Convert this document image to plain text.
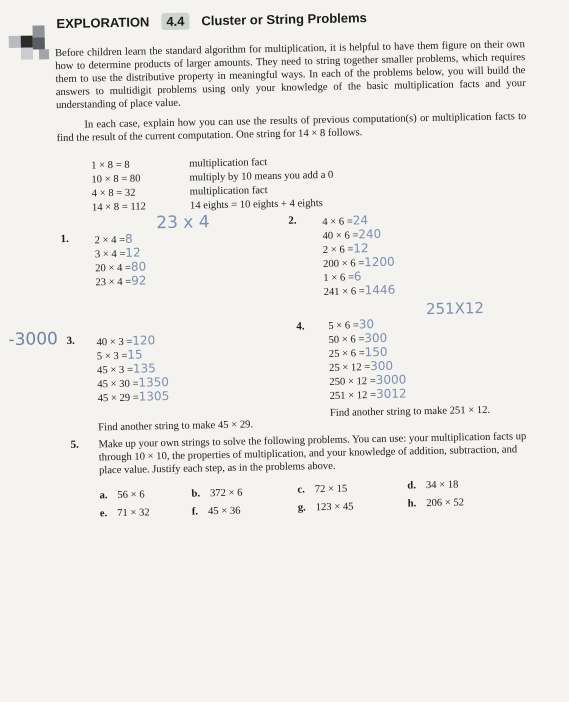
EXPLORATION	4.4	Cluster or String Problems
Before children learn the standard algorithm for multiplication, it is helpful to have them figure on their own how to determine products of larger amounts. They need to string together smaller problems, which requires them to use the distributive property in meaningful ways. In each of the problems below, you will build the answers to multidigit problems using only your knowledge of the basic multiplication facts and your understanding of place value.
In each case, explain how you can use the results of previous computation(s) or multiplication facts to find the result of the current computation. One string for 14 × 8 follows.
1 × 8 = 8	multiplication fact
10 × 8 = 80	multiply by 10 means you add a 0
4 × 8 = 32	multiplication fact
14 × 8 = 112	14 eights = 10 eights + 4 eights
1.
23 x 4
2 × 4 =8
3 × 4 =12
20 × 4 =80
23 × 4 =92
2. 4 × 6 =24
40 × 6 =240
2 × 6 =12
200 × 6 =1200
1 × 6 =6
241 × 6 =1446
-3000 3. 40 × 3 =120
5 × 3 =15
45 × 3 =135
45 × 30 =1350
45 × 29 =1305
Find another string to make 45 × 29.
4.
251X12
5 × 6 =30
50 × 6 =300
25 × 6 =150
25 × 12 =300
250 × 12 =3000
251 × 12 =3012
Find another string to make 251 × 12.
5. Make up your own strings to solve the following problems. You can use: your multiplication facts up through 10 × 10, the properties of multiplication, and your knowledge of addition, subtraction, and place value. Justify each step, as in the problems above.
a. 56 × 6	b. 372 × 6	c. 72 × 15	d. 34 × 18
e. 71 × 32	f. 45 × 36	g. 123 × 45	h. 206 × 52
